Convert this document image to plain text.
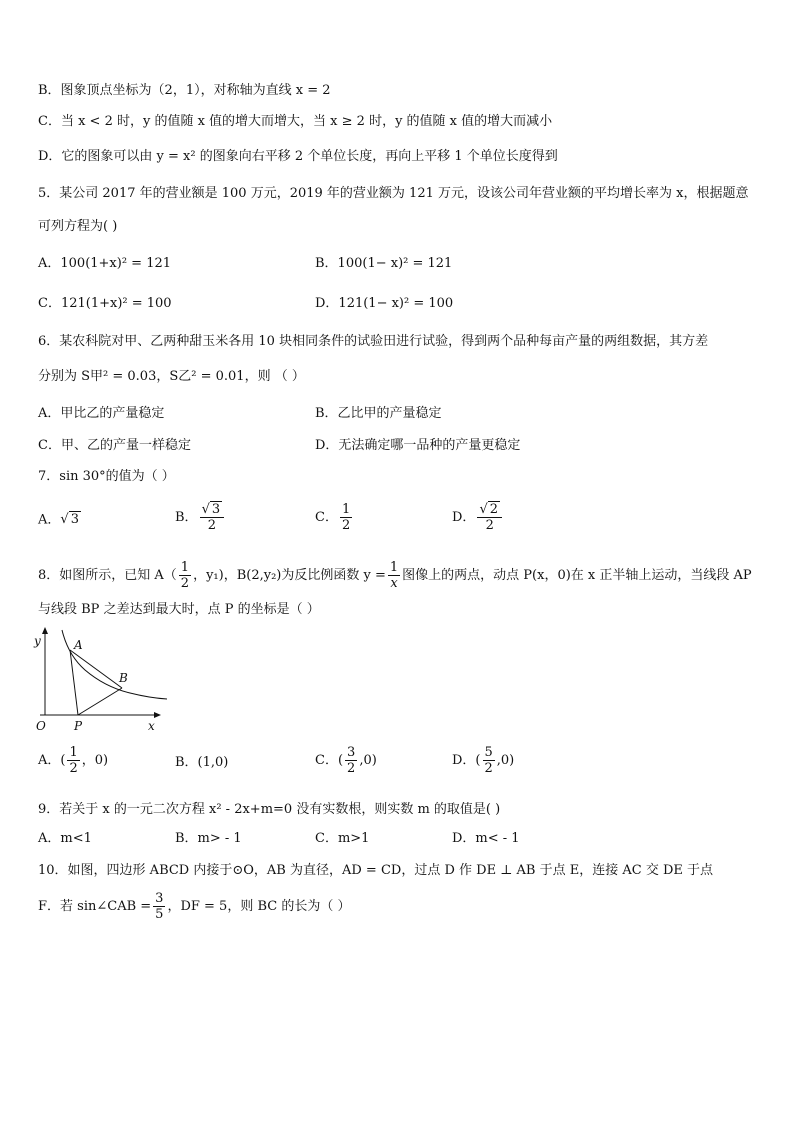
B．图象顶点坐标为（2，1），对称轴为直线 x = 2
C．当 x < 2 时，y 的值随 x 值的增大而增大，当 x ≥ 2 时，y 的值随 x 值的增大而减小
D．它的图象可以由 y = x² 的图象向右平移 2 个单位长度，再向上平移 1 个单位长度得到
5．某公司 2017 年的营业额是 100 万元，2019 年的营业额为 121 万元，设该公司年营业额的平均增长率为 x，根据题意
可列方程为( )
A．100(1+x)² = 121	B．100(1− x)² = 121
C．121(1+x)² = 100	D．121(1− x)² = 100
6．某农科院对甲、乙两种甜玉米各用 10 块相同条件的试验田进行试验，得到两个品种每亩产量的两组数据，其方差
分别为 S甲² = 0.03，S乙² = 0.01，则 （ ）
A．甲比乙的产量稳定	B．乙比甲的产量稳定
C．甲、乙的产量一样稳定	D．无法确定哪一品种的产量更稳定
7．sin 30°的值为（ ）
A．√ 3	B． $\frac{√ 3}{2}$	C． $\frac{1}{2}$	D． $\frac{√ 2}{2}$
8．如图所示，已知 $A( \frac{1}{2}$ ，y₁)，B(2,y₂)为反比例函数 $y = \frac{1}{x}$ 图像上的两点，动点 P(x，0)在 x 正半轴上运动，当线段 AP
与线段 BP 之差达到最大时，点 P 的坐标是（ ）
y	A
B
O P	x
A．( $\frac{1}{2}$ ，0)	B．(1,0)	C．( $\frac{3}{2} ,0$)	D．( $\frac{5}{2} ,0$)
9．若关于 x 的一元二次方程 x² - 2x+m=0 没有实数根，则实数 m 的取值是( )
A．m<1	B．m> - 1	C．m>1	D．m< - 1
10．如图，四边形 ABCD 内接于⊙O，AB 为直径，AD = CD，过点 D 作 DE ⊥ AB 于点 E，连接 AC 交 DE 于点
F．若 sin∠CAB = $\frac{3}{5}$ ，DF = 5，则 BC 的长为（ ）
